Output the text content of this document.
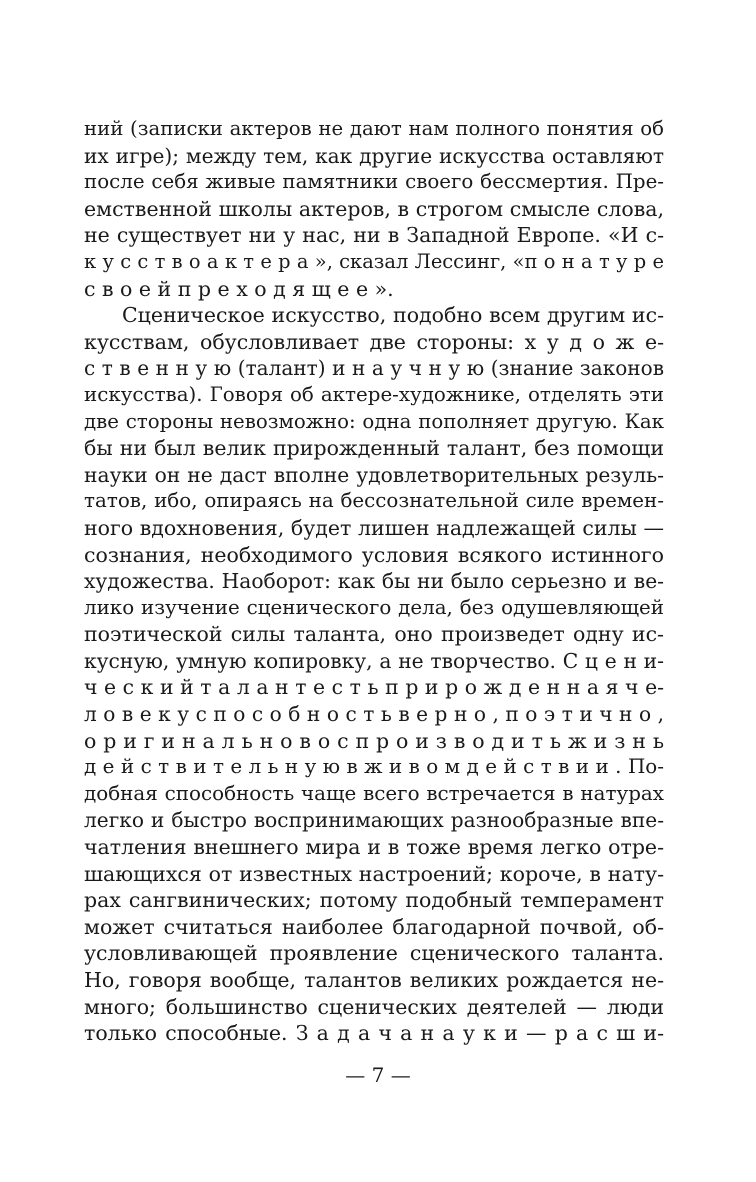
ний (записки актеров не дают нам полного понятия об
их игре); между тем, как другие искусства оставляют
после себя живые памятники своего бессмертия. Пре-
емственной школы актеров, в строгом смысле слова,
не существует ни у нас, ни в Западной Европе. «И с-
к у с с т в о а к т е р а », сказал Лессинг, «п о н а т у р е
с в о е й п р е х о д я щ е е ».
Сценическое искусство, подобно всем другим ис-
кусствам, обусловливает две стороны: х у д о ж е-
с т в е н н у ю (талант) и н а у ч н у ю (знание законов
искусства). Говоря об актере-художнике, отделять эти
две стороны невозможно: одна пополняет другую. Как
бы ни был велик прирожденный талант, без помощи
науки он не даст вполне удовлетворительных резуль-
татов, ибо, опираясь на бессознательной силе времен-
ного вдохновения, будет лишен надлежащей силы —
сознания, необходимого условия всякого истинного
художества. Наоборот: как бы ни было серьезно и ве-
лико изучение сценического дела, без одушевляющей
поэтической силы таланта, оно произведет одну ис-
кусную, умную копировку, а не творчество. С ц е н и-
ч е с к и й т а л а н т е с т ь п р и р о ж д е н н а я ч е-
л о в е к у с п о с о б н о с т ь в е р н о , п о э т и ч н о ,
о р и г и н а л ь н о в о с п р о и з в о д и т ь ж и з н ь
д е й с т в и т е л ь н у ю в ж и в о м д е й с т в и и . По-
добная способность чаще всего встречается в натурах
легко и быстро воспринимающих разнообразные впе-
чатления внешнего мира и в тоже время легко отре-
шающихся от известных настроений; короче, в нату-
рах сангвинических; потому подобный темперамент
может считаться наиболее благодарной почвой, об-
условливающей проявление сценического таланта.
Но, говоря вообще, талантов великих рождается не-
много; большинство сценических деятелей — люди
только способные. З а д а ч а н а у к и — р а с ш и-
— 7 —
